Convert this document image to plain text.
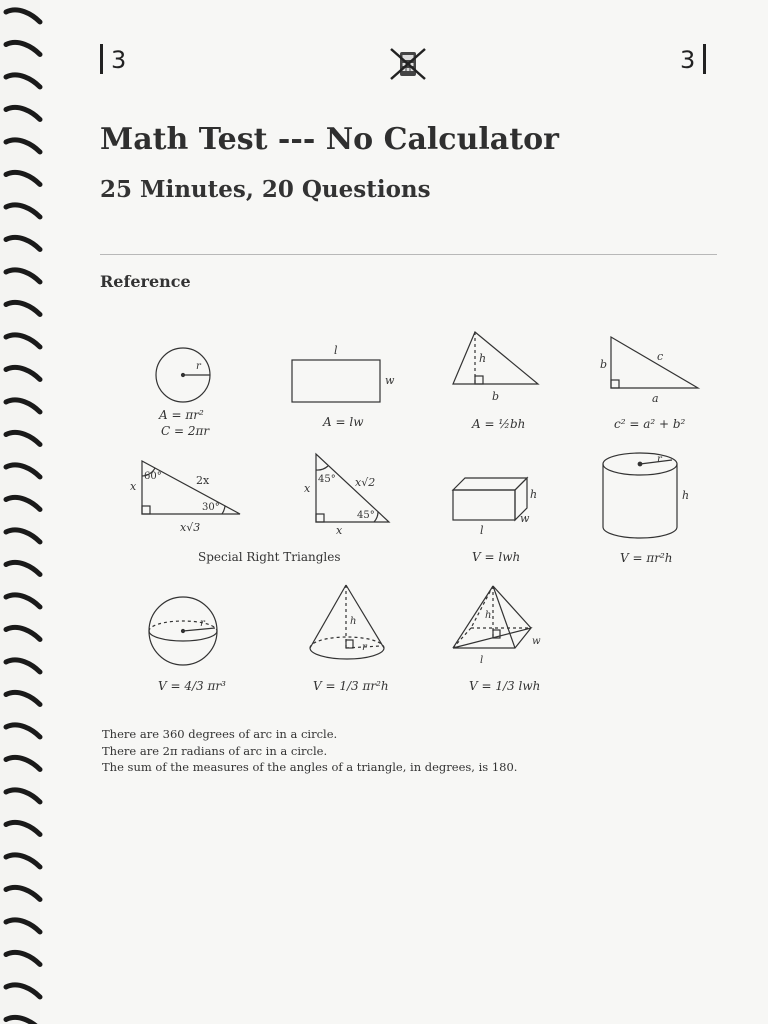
3	3
Math Test --- No Calculator
25 Minutes, 20 Questions
Reference
r
A = πr²
C = 2πr
l
w
A = lw
h
b
A = ½bh
b
c
a
c² = a² + b²
60°	2x
x
30°
x√3
45° x√2
x
45°
x
Special Right Triangles
h
w
l
V = lwh
r
h
V = πr²h
r
V = 4/3 πr³
h
r
V = 1/3 πr²h
h
w
l
V = 1/3 lwh
There are 360 degrees of arc in a circle.
There are 2π radians of arc in a circle.
The sum of the measures of the angles of a triangle, in degrees, is 180.
